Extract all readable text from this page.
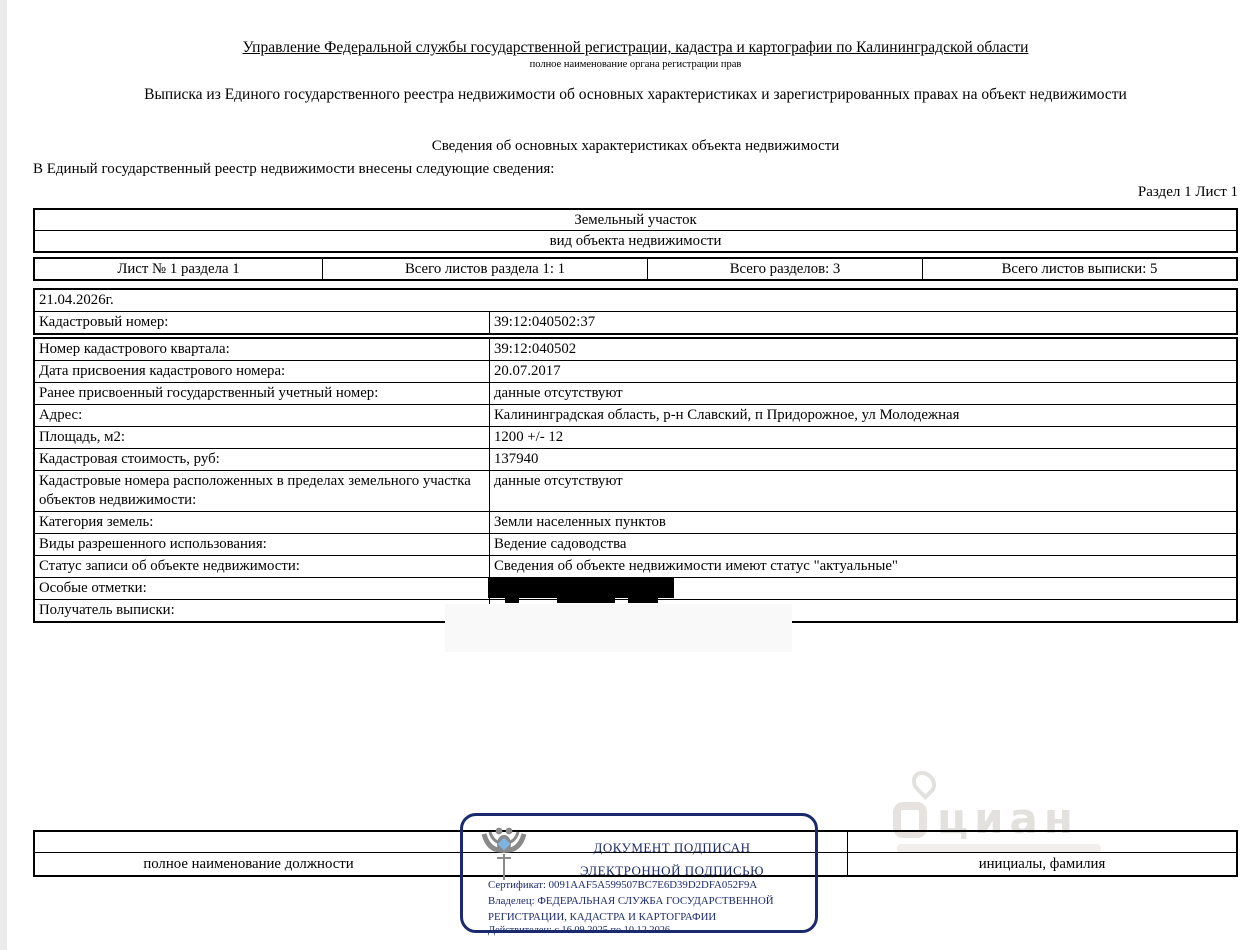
Управление Федеральной службы государственной регистрации, кадастра и картографии по Калининградской области
полное наименование органа регистрации прав
Выписка из Единого государственного реестра недвижимости об основных характеристиках и зарегистрированных правах на объект недвижимости
Сведения об основных характеристиках объекта недвижимости
В Единый государственный реестр недвижимости внесены следующие сведения:
Раздел 1 Лист 1
Земельный участок
вид объекта недвижимости
Лист № 1 раздела 1	Всего листов раздела 1: 1	Всего разделов: 3	Всего листов выписки: 5
21.04.2026г.
Кадастровый номер:	39:12:040502:37
Номер кадастрового квартала:	39:12:040502
Дата присвоения кадастрового номера:	20.07.2017
Ранее присвоенный государственный учетный номер:	данные отсутствуют
Адрес:	Калининградская область, р-н Славский, п Придорожное, ул Молодежная
Площадь, м2:	1200 +/- 12
Кадастровая стоимость, руб:	137940
Кадастровые номера расположенных в пределах земельного участка объектов недвижимости:
данные отсутствуют
Категория земель:	Земли населенных пунктов
Виды разрешенного использования:	Ведение садоводства
Статус записи об объекте недвижимости:	Сведения об объекте недвижимости имеют статус "актуальные"
Особые отметки:
Получатель выписки:
циан
полное наименование должности	инициалы, фамилия
ДОКУМЕНТ ПОДПИСАН
ЭЛЕКТРОННОЙ ПОДПИСЬЮ
Сертификат: 0091AAF5A599507BC7E6D39D2DFA052F9A
Владелец: ФЕДЕРАЛЬНАЯ СЛУЖБА ГОСУДАРСТВЕННОЙ
РЕГИСТРАЦИИ, КАДАСТРА И КАРТОГРАФИИ
Действителен: с 16.09.2025 по 10.12.2026
